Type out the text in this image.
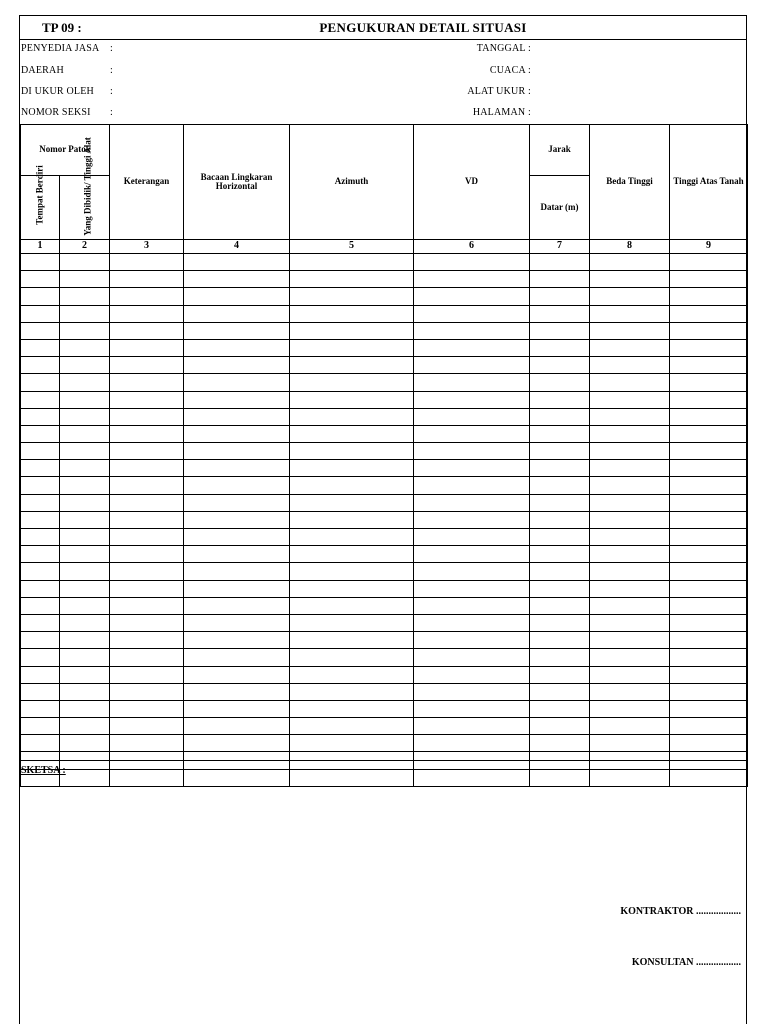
TP 09 :	PENGUKURAN DETAIL SITUASI
PENYEDIA JASA :
DAERAH	:
DI UKUR OLEH :
NOMOR SEKSI :
TANGGAL :
CUACA :
ALAT UKUR :
HALAMAN :
Nomor Patok		Keterangan	Bacaan Lingkaran Horizontal	Azimuth	VD	Jarak	Beda Tinggi	Tinggi Atas Tanah
Tempat Berdiri	Yang Dibidik/ Tinggi Alat					Datar (m)		
1	2	3	4	5	6	7	8	9

SKETSA :
KONTRAKTOR ..................
KONSULTAN ..................
